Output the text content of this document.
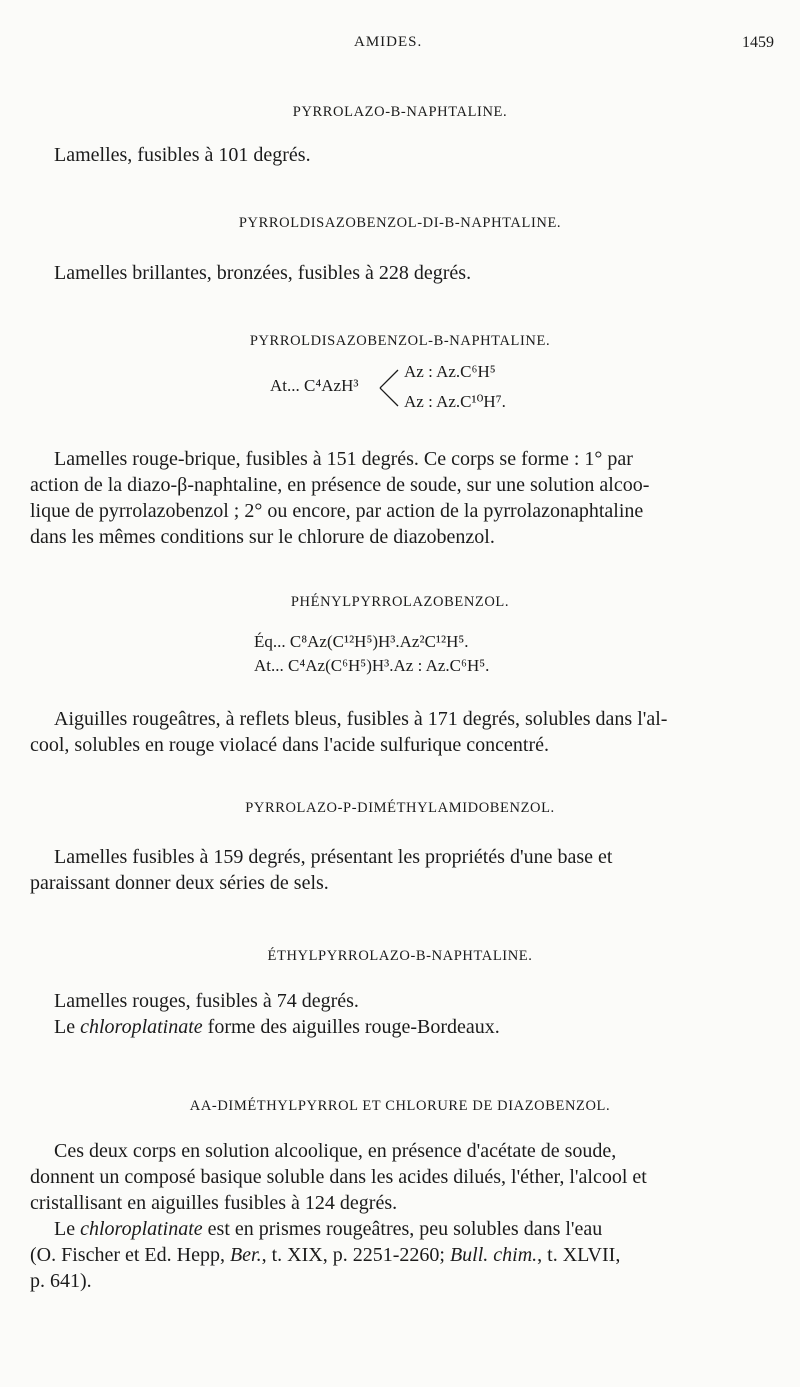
AMIDES.	1459
PYRROLAZO-Β-NAPHTALINE.
Lamelles, fusibles à 101 degrés.
PYRROLDISAZOBENZOL-DI-Β-NAPHTALINE.
Lamelles brillantes, bronzées, fusibles à 228 degrés.
PYRROLDISAZOBENZOL-Β-NAPHTALINE.
At... C⁴AzH³
Az : Az.C⁶H⁵
Az : Az.C¹⁰H⁷.
Lamelles rouge-brique, fusibles à 151 degrés. Ce corps se forme : 1° par
action de la diazo-β-naphtaline, en présence de soude, sur une solution alcoo-
lique de pyrrolazobenzol ; 2° ou encore, par action de la pyrrolazonaphtaline
dans les mêmes conditions sur le chlorure de diazobenzol.
PHÉNYLPYRROLAZOBENZOL.
Éq... C⁸Az(C¹²H⁵)H³.Az²C¹²H⁵.
At... C⁴Az(C⁶H⁵)H³.Az : Az.C⁶H⁵.
Aiguilles rougeâtres, à reflets bleus, fusibles à 171 degrés, solubles dans l'al-
cool, solubles en rouge violacé dans l'acide sulfurique concentré.
PYRROLAZO-P-DIMÉTHYLAMIDOBENZOL.
Lamelles fusibles à 159 degrés, présentant les propriétés d'une base et
paraissant donner deux séries de sels.
ÉTHYLPYRROLAZO-Β-NAPHTALINE.
Lamelles rouges, fusibles à 74 degrés.
Le chloroplatinate forme des aiguilles rouge-Bordeaux.
ΑΑ-DIMÉTHYLPYRROL ET CHLORURE DE DIAZOBENZOL.
Ces deux corps en solution alcoolique, en présence d'acétate de soude,
donnent un composé basique soluble dans les acides dilués, l'éther, l'alcool et
cristallisant en aiguilles fusibles à 124 degrés.
Le chloroplatinate est en prismes rougeâtres, peu solubles dans l'eau
(O. Fischer et Ed. Hepp, Ber., t. XIX, p. 2251-2260; Bull. chim., t. XLVII,
p. 641).
